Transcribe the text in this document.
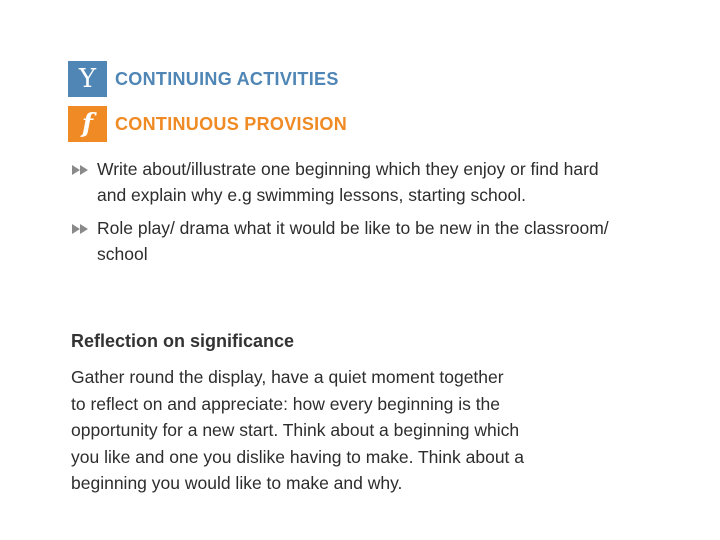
Y	CONTINUING ACTIVITIES
f	CONTINUOUS PROVISION
Write about/illustrate one beginning which they enjoy or find hard and explain why e.g swimming lessons, starting school.
Role play/ drama what it would be like to be new in the classroom/ school
Reflection on significance
Gather round the display, have a quiet moment together
to reflect on and appreciate: how every beginning is the
opportunity for a new start. Think about a beginning which
you like and one you dislike having to make. Think about a
beginning you would like to make and why.
